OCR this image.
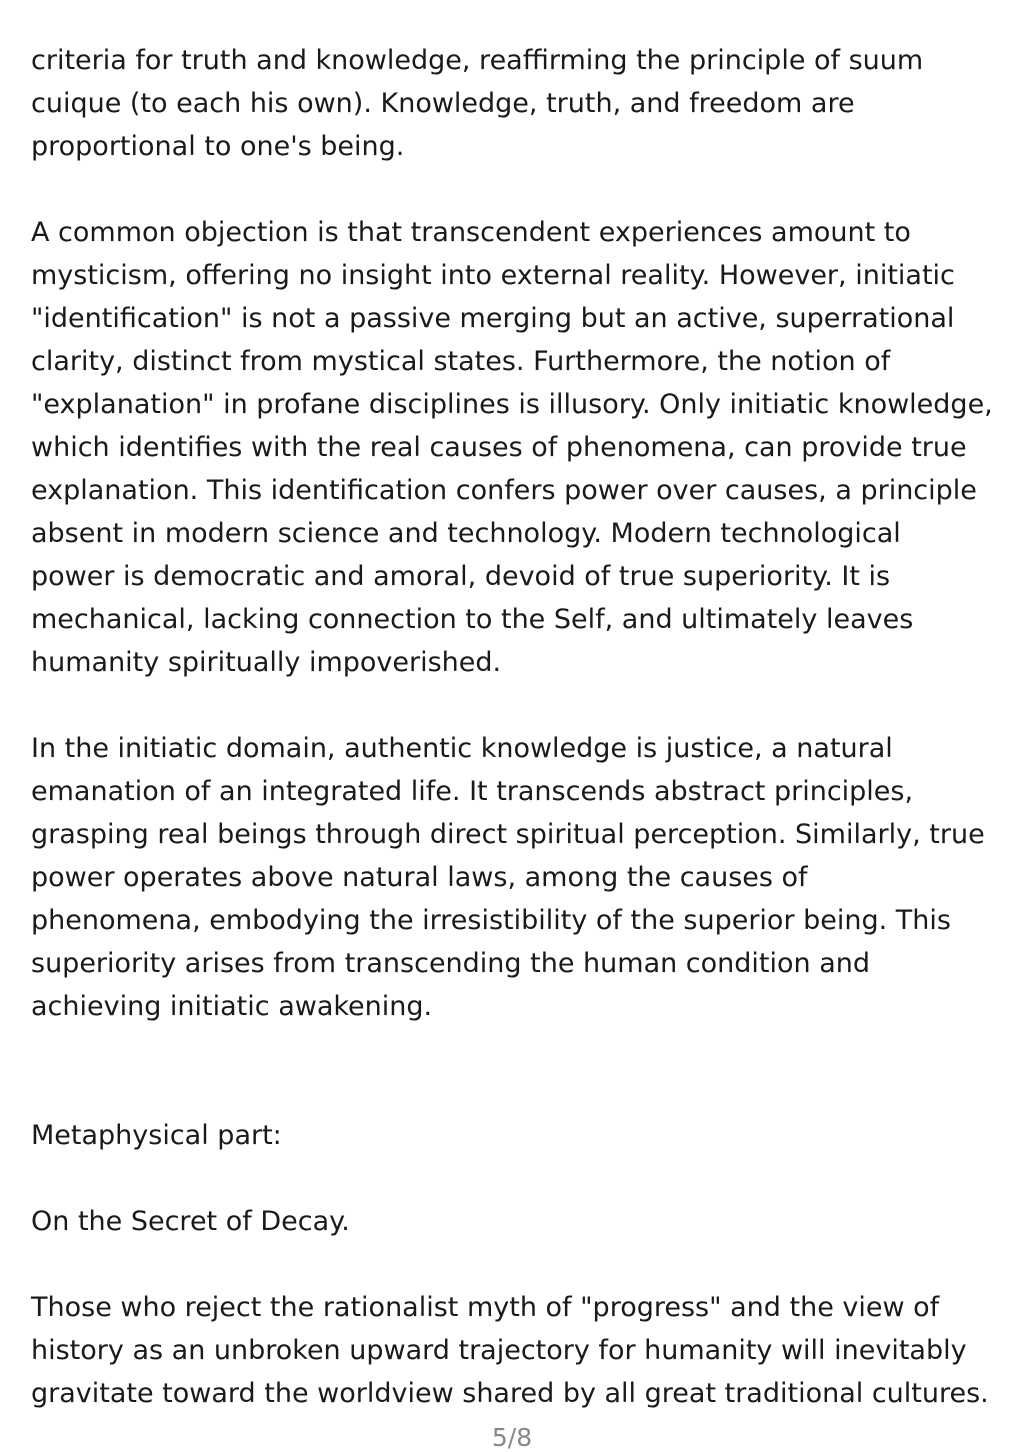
criteria for truth and knowledge, reaffirming the principle of suum
cuique (to each his own). Knowledge, truth, and freedom are
proportional to one's being.

A common objection is that transcendent experiences amount to
mysticism, offering no insight into external reality. However, initiatic
"identification" is not a passive merging but an active, superrational
clarity, distinct from mystical states. Furthermore, the notion of
"explanation" in profane disciplines is illusory. Only initiatic knowledge,
which identifies with the real causes of phenomena, can provide true
explanation. This identification confers power over causes, a principle
absent in modern science and technology. Modern technological
power is democratic and amoral, devoid of true superiority. It is
mechanical, lacking connection to the Self, and ultimately leaves
humanity spiritually impoverished.

In the initiatic domain, authentic knowledge is justice, a natural
emanation of an integrated life. It transcends abstract principles,
grasping real beings through direct spiritual perception. Similarly, true
power operates above natural laws, among the causes of
phenomena, embodying the irresistibility of the superior being. This
superiority arises from transcending the human condition and
achieving initiatic awakening.

Metaphysical part:

On the Secret of Decay.

Those who reject the rationalist myth of "progress" and the view of
history as an unbroken upward trajectory for humanity will inevitably
gravitate toward the worldview shared by all great traditional cultures.

5/8
